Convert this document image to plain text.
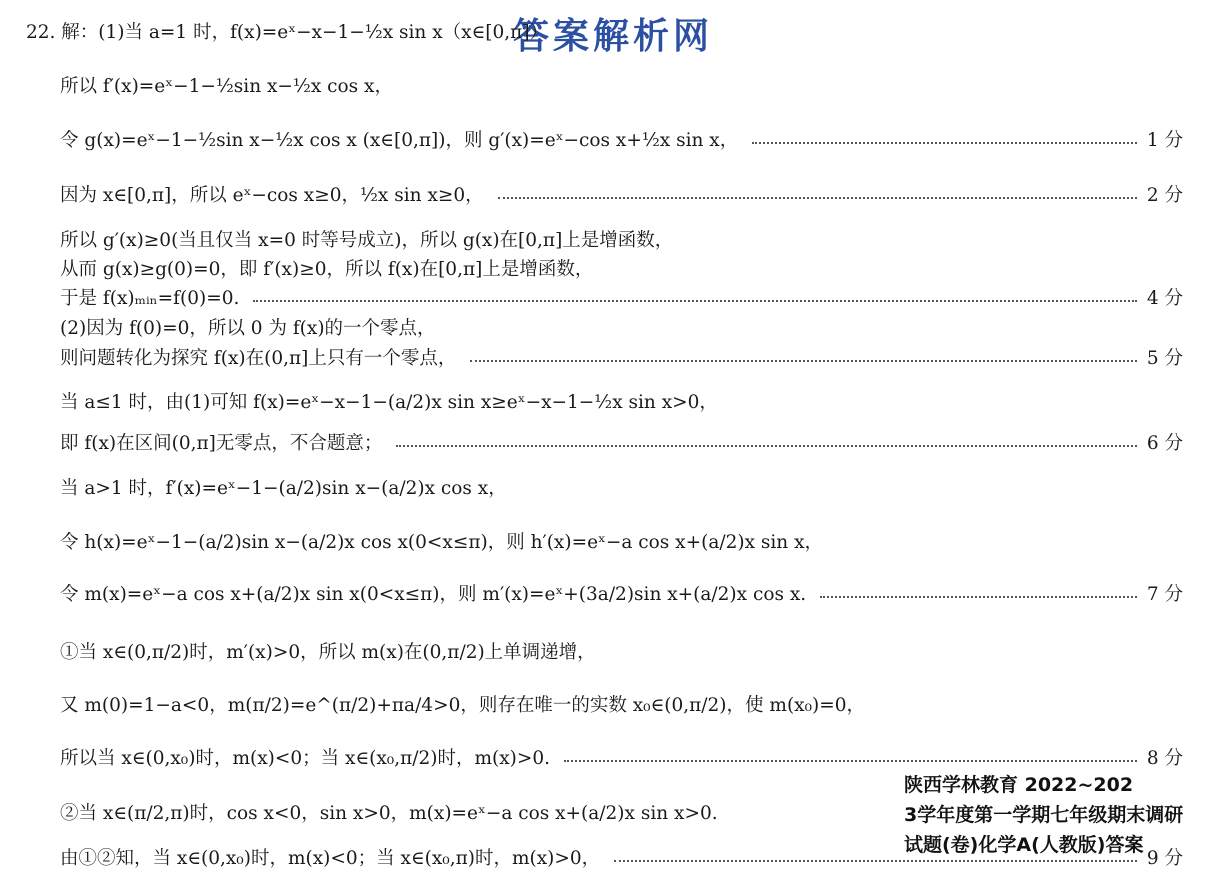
答案解析网
22. 解：(1)当 a=1 时，f(x)=eˣ−x−1−½x sin x（x∈[0,π]）
所以 f′(x)=eˣ−1−½sin x−½x cos x，
令 g(x)=eˣ−1−½sin x−½x cos x (x∈[0,π])，则 g′(x)=eˣ−cos x+½x sin x，	1 分
因为 x∈[0,π]，所以 eˣ−cos x≥0，½x sin x≥0，	2 分
所以 g′(x)≥0(当且仅当 x=0 时等号成立)，所以 g(x)在[0,π]上是增函数，
从而 g(x)≥g(0)=0，即 f′(x)≥0，所以 f(x)在[0,π]上是增函数，
于是 f(x)ₘᵢₙ=f(0)=0.	4 分
(2)因为 f(0)=0，所以 0 为 f(x)的一个零点，
则问题转化为探究 f(x)在(0,π]上只有一个零点，	5 分
当 a≤1 时，由(1)可知 f(x)=eˣ−x−1−(a/2)x sin x≥eˣ−x−1−½x sin x>0，
即 f(x)在区间(0,π]无零点，不合题意；	6 分
当 a>1 时，f′(x)=eˣ−1−(a/2)sin x−(a/2)x cos x，
令 h(x)=eˣ−1−(a/2)sin x−(a/2)x cos x(0<x≤π)，则 h′(x)=eˣ−a cos x+(a/2)x sin x，
令 m(x)=eˣ−a cos x+(a/2)x sin x(0<x≤π)，则 m′(x)=eˣ+(3a/2)sin x+(a/2)x cos x.	7 分
①当 x∈(0,π/2)时，m′(x)>0，所以 m(x)在(0,π/2)上单调递增，
又 m(0)=1−a<0，m(π/2)=e^(π/2)+πa/4>0，则存在唯一的实数 x₀∈(0,π/2)，使 m(x₀)=0，
所以当 x∈(0,x₀)时，m(x)<0；当 x∈(x₀,π/2)时，m(x)>0.	8 分
②当 x∈(π/2,π)时，cos x<0，sin x>0，m(x)=eˣ−a cos x+(a/2)x sin x>0.
由①②知，当 x∈(0,x₀)时，m(x)<0；当 x∈(x₀,π)时，m(x)>0，	9 分
陕西学林教育 2022~202
3学年度第一学期七年级期末调研
试题(卷)化学A(人教版)答案
